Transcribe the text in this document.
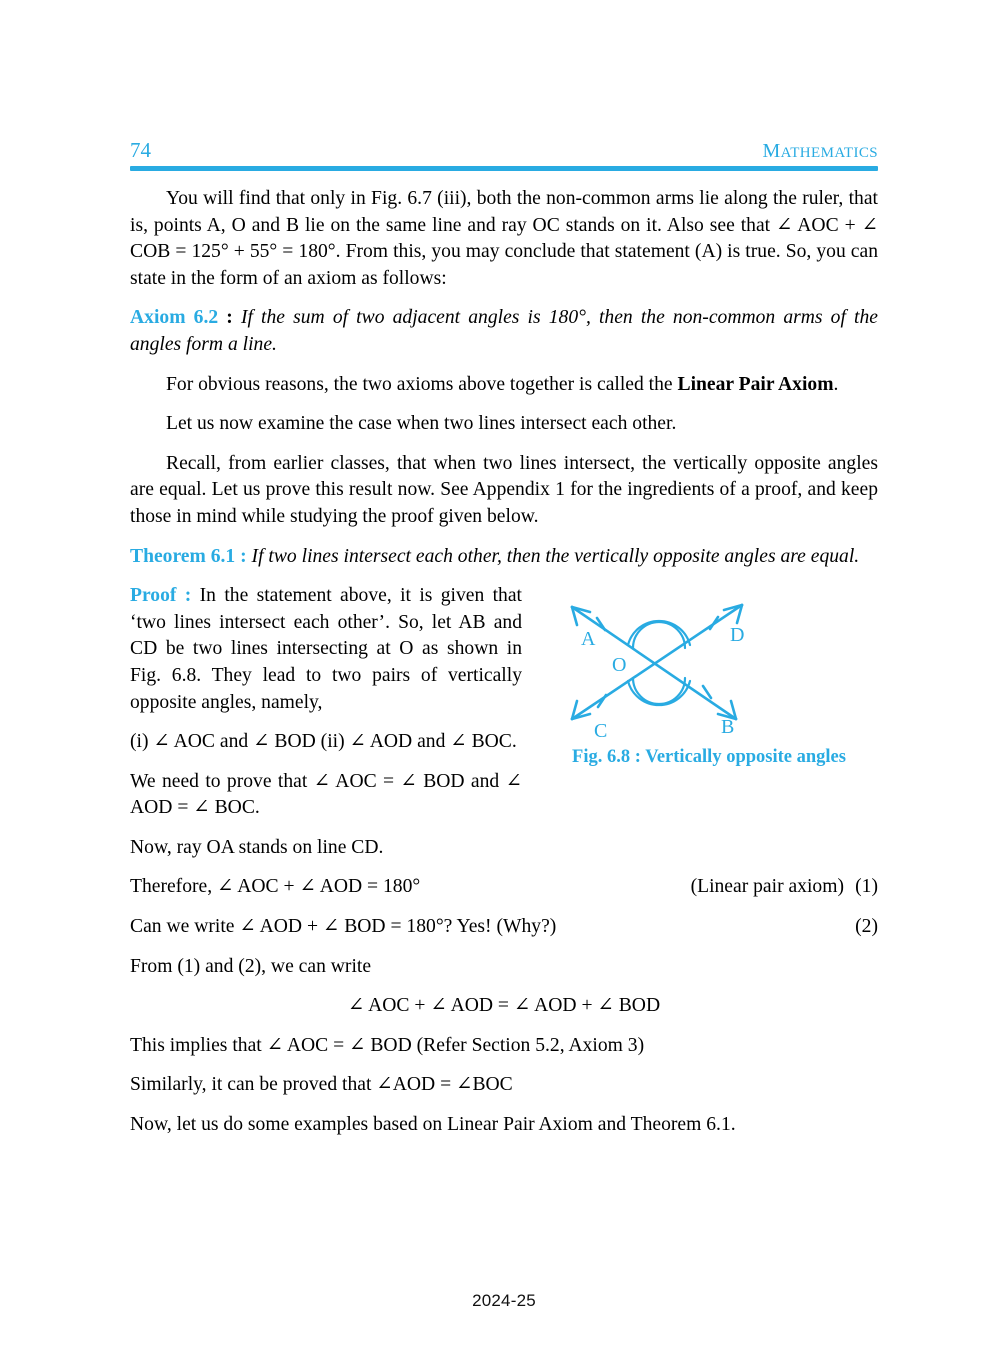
74	MATHEMATICS

You will find that only in Fig. 6.7 (iii), both the non-common arms lie along the ruler, that is, points A, O and B lie on the same line and ray OC stands on it. Also see that ∠ AOC + ∠ COB = 125° + 55° = 180°. From this, you may conclude that statement (A) is true. So, you can state in the form of an axiom as follows:

Axiom 6.2 : If the sum of two adjacent angles is 180°, then the non-common arms of the angles form a line.

For obvious reasons, the two axioms above together is called the Linear Pair Axiom.

Let us now examine the case when two lines intersect each other.

Recall, from earlier classes, that when two lines intersect, the vertically opposite angles are equal. Let us prove this result now. See Appendix 1 for the ingredients of a proof, and keep those in mind while studying the proof given below.

Theorem 6.1 : If two lines intersect each other, then the vertically opposite angles are equal.

Proof : In the statement above, it is given that ‘two lines intersect each other’. So, let AB and CD be two lines intersecting at O as shown in Fig. 6.8. They lead to two pairs of vertically opposite angles, namely,

(i) ∠ AOC and ∠ BOD (ii) ∠ AOD and ∠ BOC.

We need to prove that ∠ AOC = ∠ BOD and ∠ AOD = ∠ BOC.

A
B
C
D
O
Fig. 6.8 : Vertically opposite angles

Now, ray OA stands on line CD.

Therefore, ∠ AOC + ∠ AOD = 180°	(Linear pair axiom) (1)
Can we write ∠ AOD + ∠ BOD = 180°? Yes! (Why?)	(2)

From (1) and (2), we can write

∠ AOC + ∠ AOD = ∠ AOD + ∠ BOD

This implies that ∠ AOC = ∠ BOD (Refer Section 5.2, Axiom 3)

Similarly, it can be proved that ∠AOD = ∠BOC

Now, let us do some examples based on Linear Pair Axiom and Theorem 6.1.

2024-25
